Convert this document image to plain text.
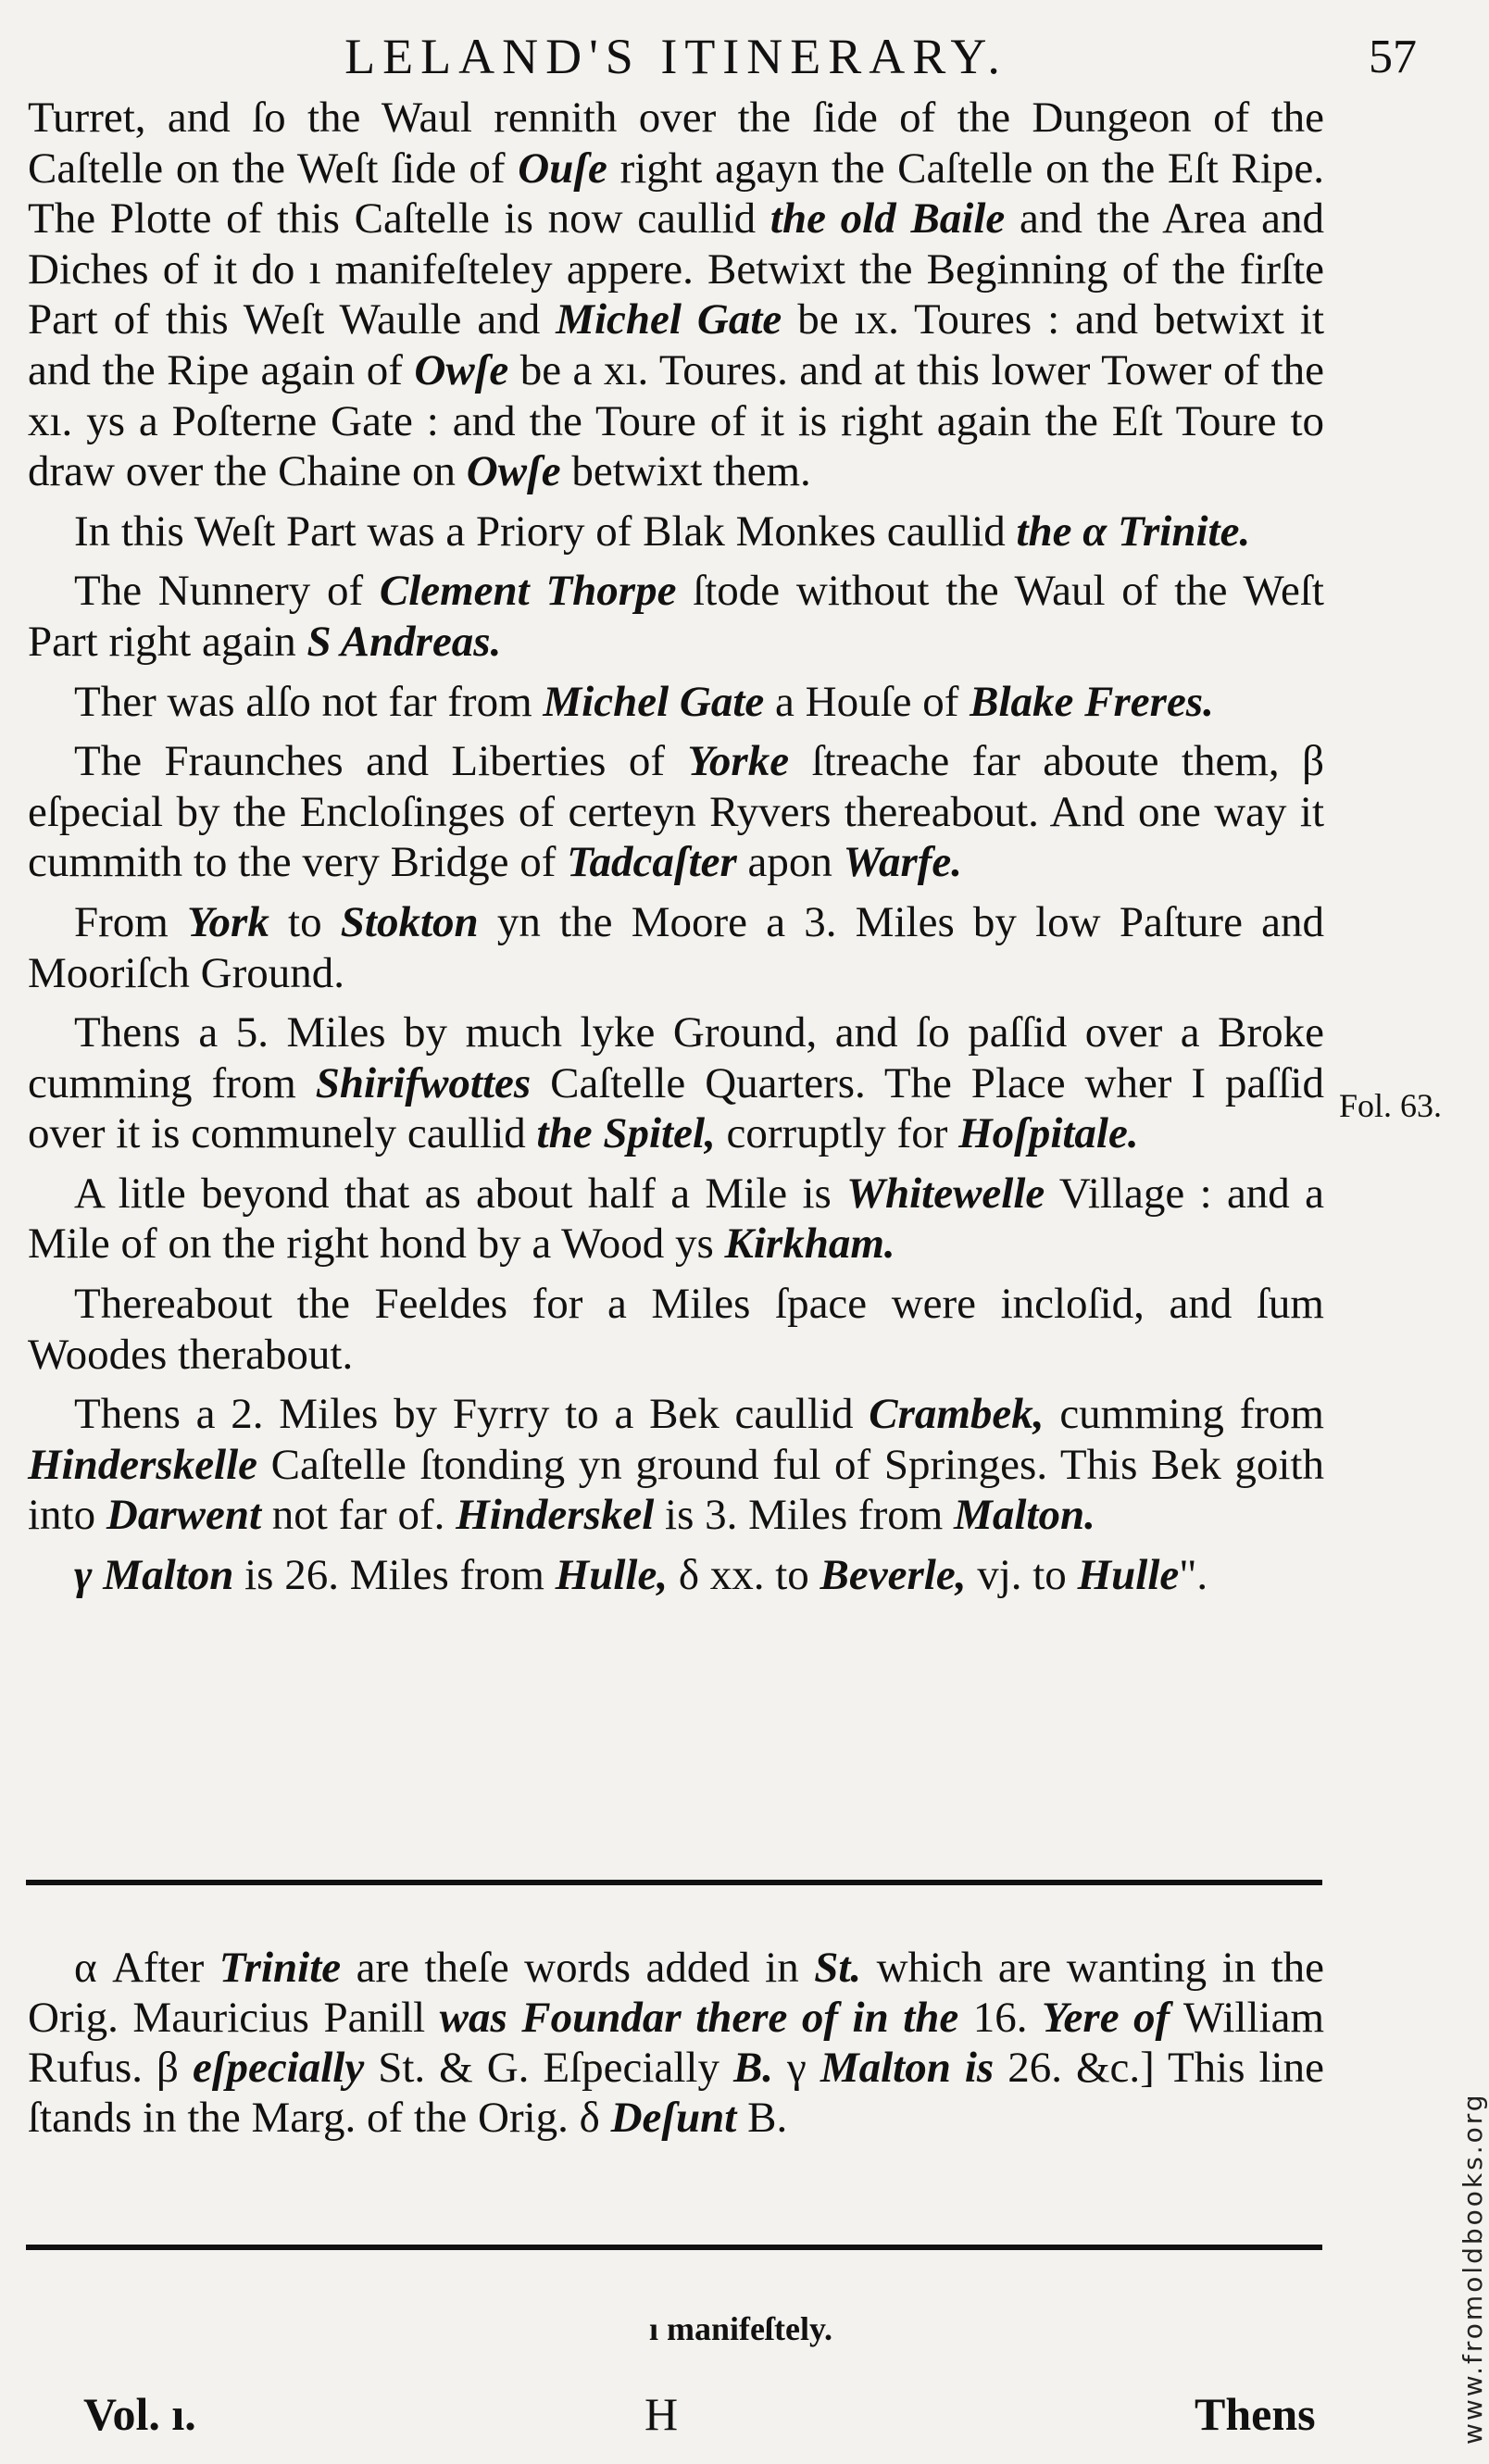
LELAND'S ITINERARY.	57

Turret, and ſo the Waul rennith over the ſide of the Dungeon of the Caſtelle on the Weſt ſide of Ouſe right agayn the Caſtelle on the Eſt Ripe. The Plotte of this Caſtelle is now caullid the old Baile and the Area and Diches of it do ı manifeſteley appere. Betwixt the Beginning of the firſte Part of this Weſt Waulle and Michel Gate be ıx. Toures : and betwixt it and the Ripe again of Owſe be a xı. Toures. and at this lower Tower of the xı. ys a Poſterne Gate : and the Toure of it is right again the Eſt Toure to draw over the Chaine on Owſe betwixt them.

In this Weſt Part was a Priory of Blak Monkes caullid the α Trinite.

The Nunnery of Clement Thorpe ſtode without the Waul of the Weſt Part right again S Andreas.

Ther was alſo not far from Michel Gate a Houſe of Blake Freres.

The Fraunches and Liberties of Yorke ſtreache far aboute them, β eſpecial by the Encloſinges of certeyn Ryvers thereabout. And one way it cummith to the very Bridge of Tadcaſter apon Warfe.

From York to Stokton yn the Moore a 3. Miles by low Paſture and Mooriſch Ground.

Thens a 5. Miles by much lyke Ground, and ſo paſſid over a Broke cumming from Shirifwottes Caſtelle Quarters. The Place wher I paſſid over it is communely caullid the Spitel, corruptly for Hoſpitale.

A litle beyond that as about half a Mile is Whitewelle Village : and a Mile of on the right hond by a Wood ys Kirkham.

Thereabout the Feeldes for a Miles ſpace were incloſid, and ſum Woodes therabout.

Thens a 2. Miles by Fyrry to a Bek caullid Crambek, cumming from Hinderskelle Caſtelle ſtonding yn ground ful of Springes. This Bek goith into Darwent not far of. Hinderskel is 3. Miles from Malton.

γ Malton is 26. Miles from Hulle, δ xx. to Beverle, vj. to Hulle".

Fol. 63.

α After Trinite are theſe words added in St. which are wanting in the Orig. Mauricius Panill was Foundar there of in the 16. Yere of William Rufus. β eſpecially St. & G. Eſpecially B. γ Malton is 26. &c.] This line ſtands in the Marg. of the Orig. δ Deſunt B.

ı manifeſtely.
Vol. ı.	H	Thens	www.fromoldbooks.org
